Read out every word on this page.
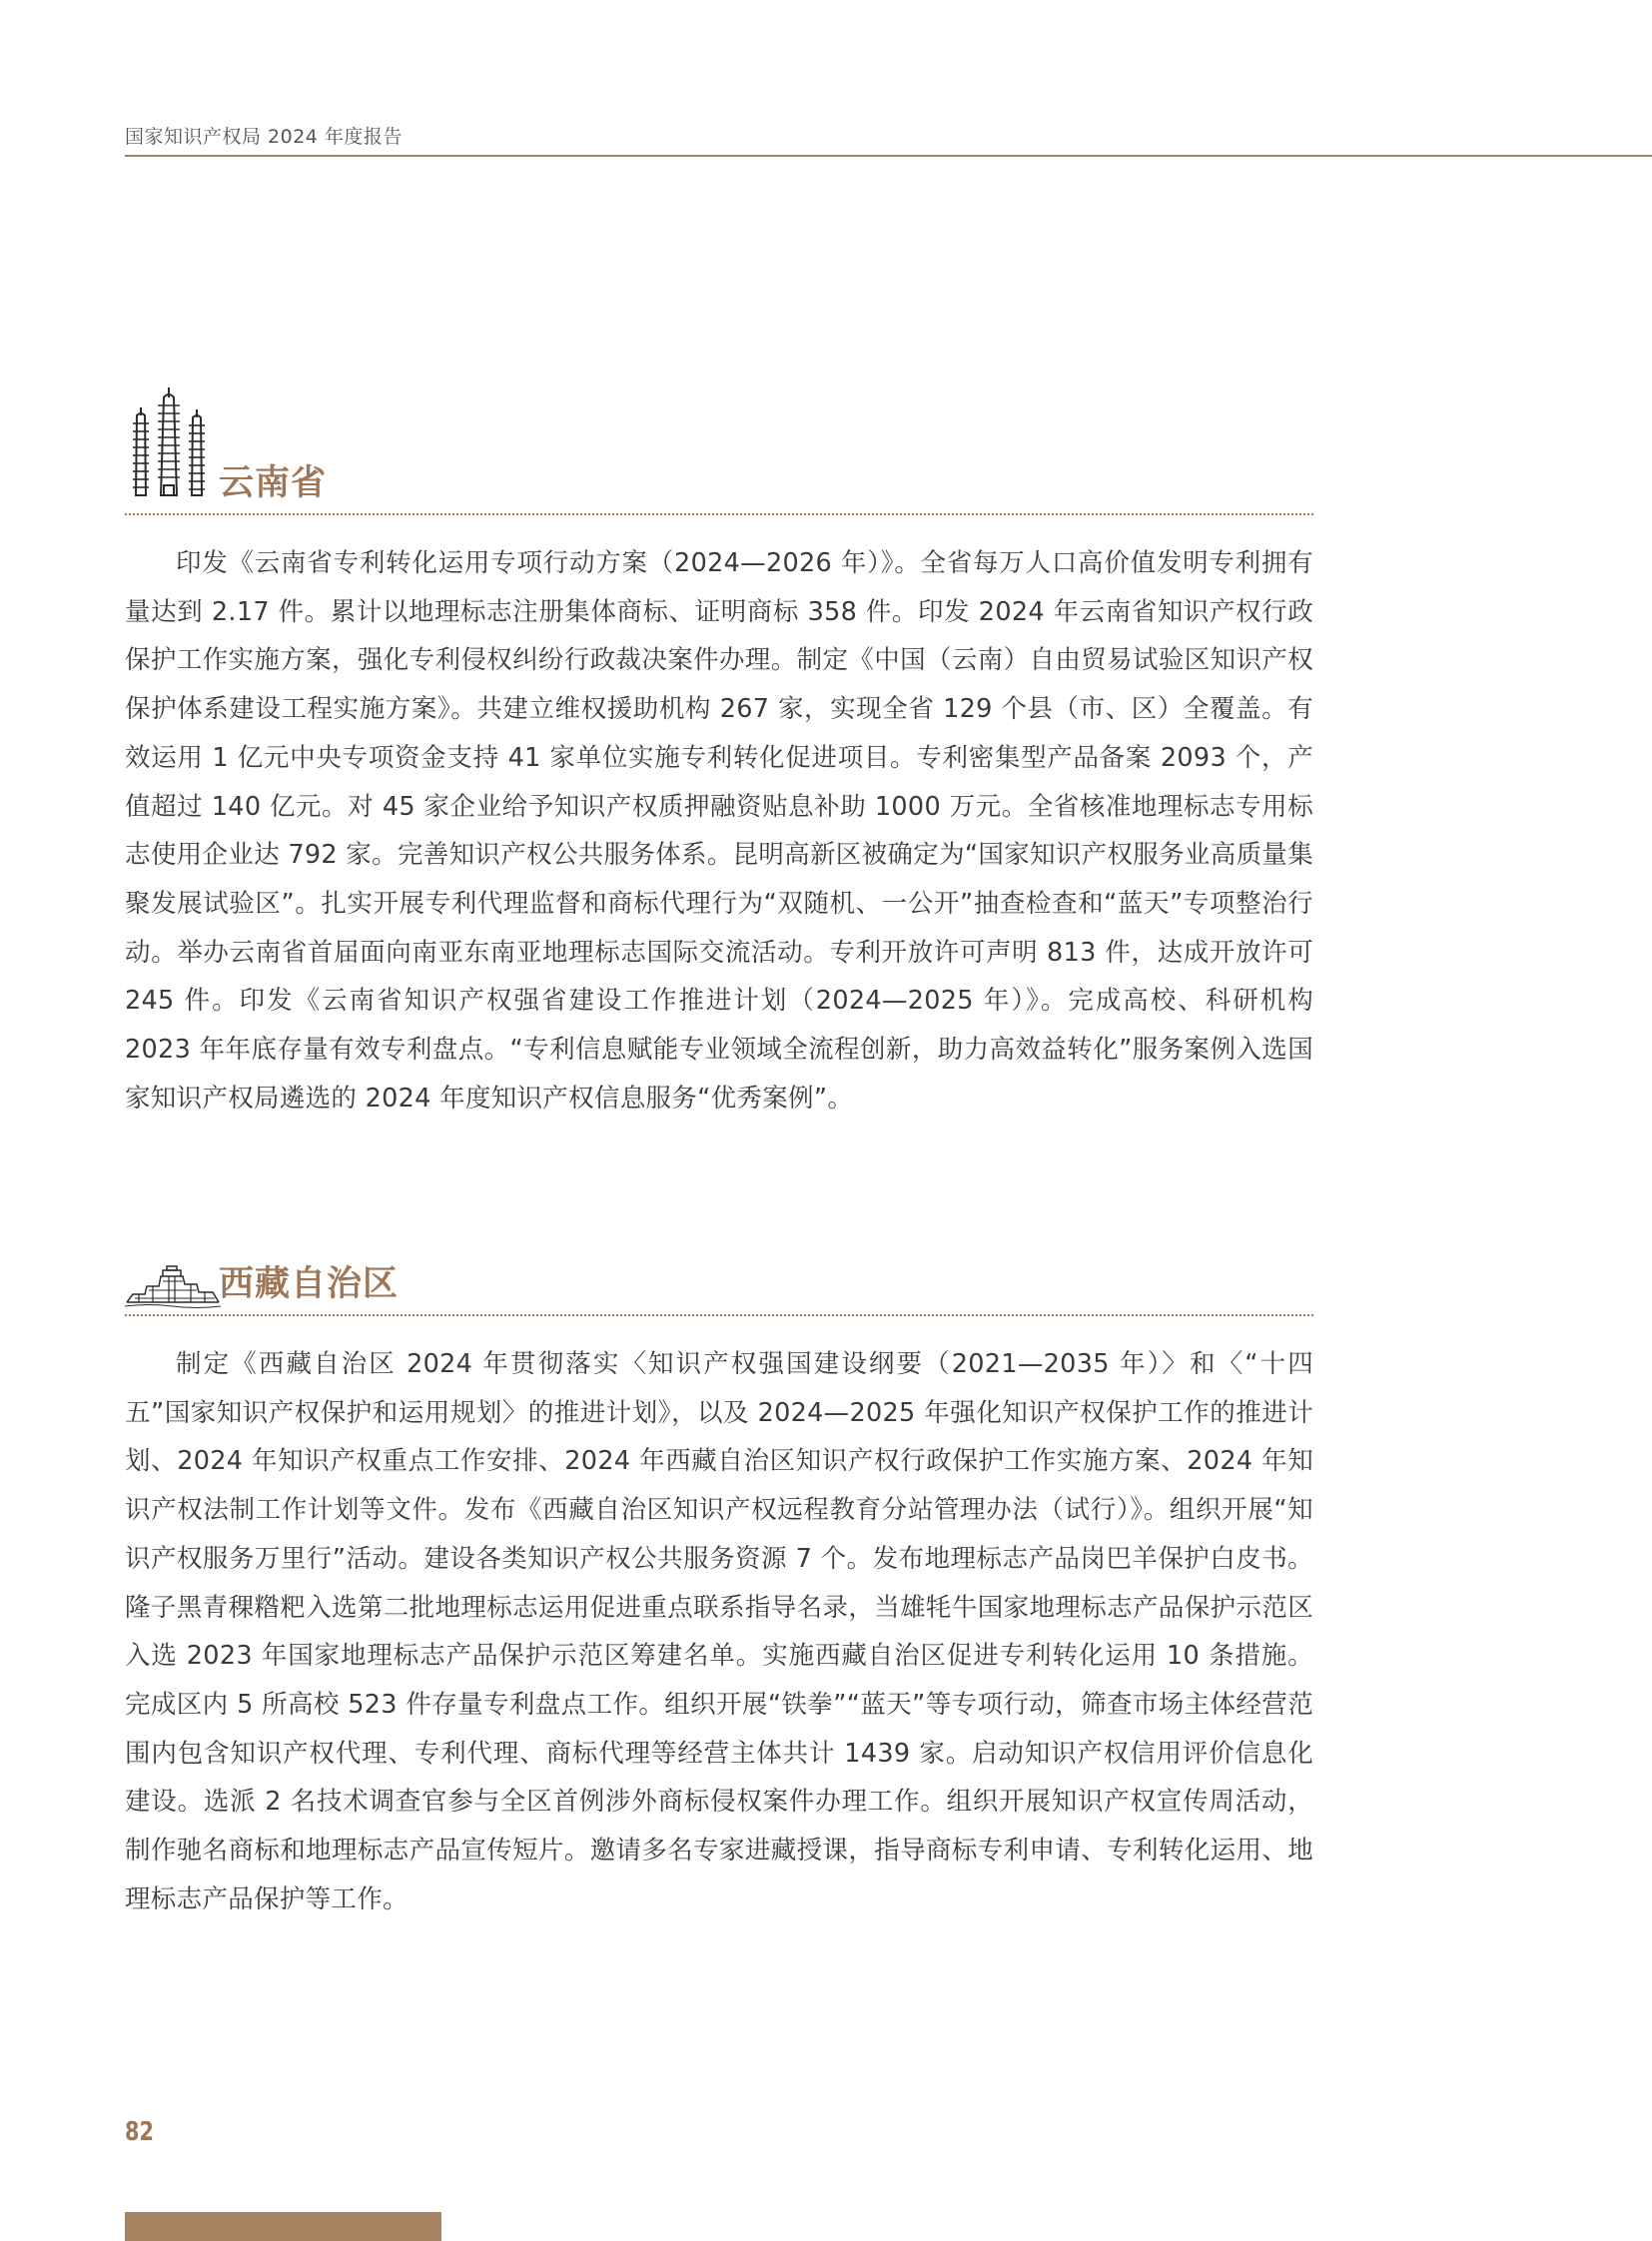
国家知识产权局 2024 年度报告
云南省

印发《云南省专利转化运用专项行动方案（2024—2026 年）》。全省每万人口高价值发明专利拥有量达到 2.17 件。累计以地理标志注册集体商标、证明商标 358 件。印发 2024 年云南省知识产权行政保护工作实施方案，强化专利侵权纠纷行政裁决案件办理。制定《中国（云南）自由贸易试验区知识产权保护体系建设工程实施方案》。共建立维权援助机构 267 家，实现全省 129 个县（市、区）全覆盖。有效运用 1 亿元中央专项资金支持 41 家单位实施专利转化促进项目。专利密集型产品备案 2093 个，产值超过 140 亿元。对 45 家企业给予知识产权质押融资贴息补助 1000 万元。全省核准地理标志专用标志使用企业达 792 家。完善知识产权公共服务体系。昆明高新区被确定为“国家知识产权服务业高质量集聚发展试验区”。扎实开展专利代理监督和商标代理行为“双随机、一公开”抽查检查和“蓝天”专项整治行动。举办云南省首届面向南亚东南亚地理标志国际交流活动。专利开放许可声明 813 件，达成开放许可 245 件。印发《云南省知识产权强省建设工作推进计划（2024—2025 年）》。完成高校、科研机构 2023 年年底存量有效专利盘点。“专利信息赋能专业领域全流程创新，助力高效益转化”服务案例入选国家知识产权局遴选的 2024 年度知识产权信息服务“优秀案例”。

西藏自治区

制定《西藏自治区 2024 年贯彻落实〈知识产权强国建设纲要（2021—2035 年）〉和〈“十四五”国家知识产权保护和运用规划〉的推进计划》，以及 2024—2025 年强化知识产权保护工作的推进计划、2024 年知识产权重点工作安排、2024 年西藏自治区知识产权行政保护工作实施方案、2024 年知识产权法制工作计划等文件。发布《西藏自治区知识产权远程教育分站管理办法（试行）》。组织开展“知识产权服务万里行”活动。建设各类知识产权公共服务资源 7 个。发布地理标志产品岗巴羊保护白皮书。隆子黑青稞糌粑入选第二批地理标志运用促进重点联系指导名录，当雄牦牛国家地理标志产品保护示范区入选 2023 年国家地理标志产品保护示范区筹建名单。实施西藏自治区促进专利转化运用 10 条措施。完成区内 5 所高校 523 件存量专利盘点工作。组织开展“铁拳”“蓝天”等专项行动，筛查市场主体经营范围内包含知识产权代理、专利代理、商标代理等经营主体共计 1439 家。启动知识产权信用评价信息化建设。选派 2 名技术调查官参与全区首例涉外商标侵权案件办理工作。组织开展知识产权宣传周活动，制作驰名商标和地理标志产品宣传短片。邀请多名专家进藏授课，指导商标专利申请、专利转化运用、地理标志产品保护等工作。

82
